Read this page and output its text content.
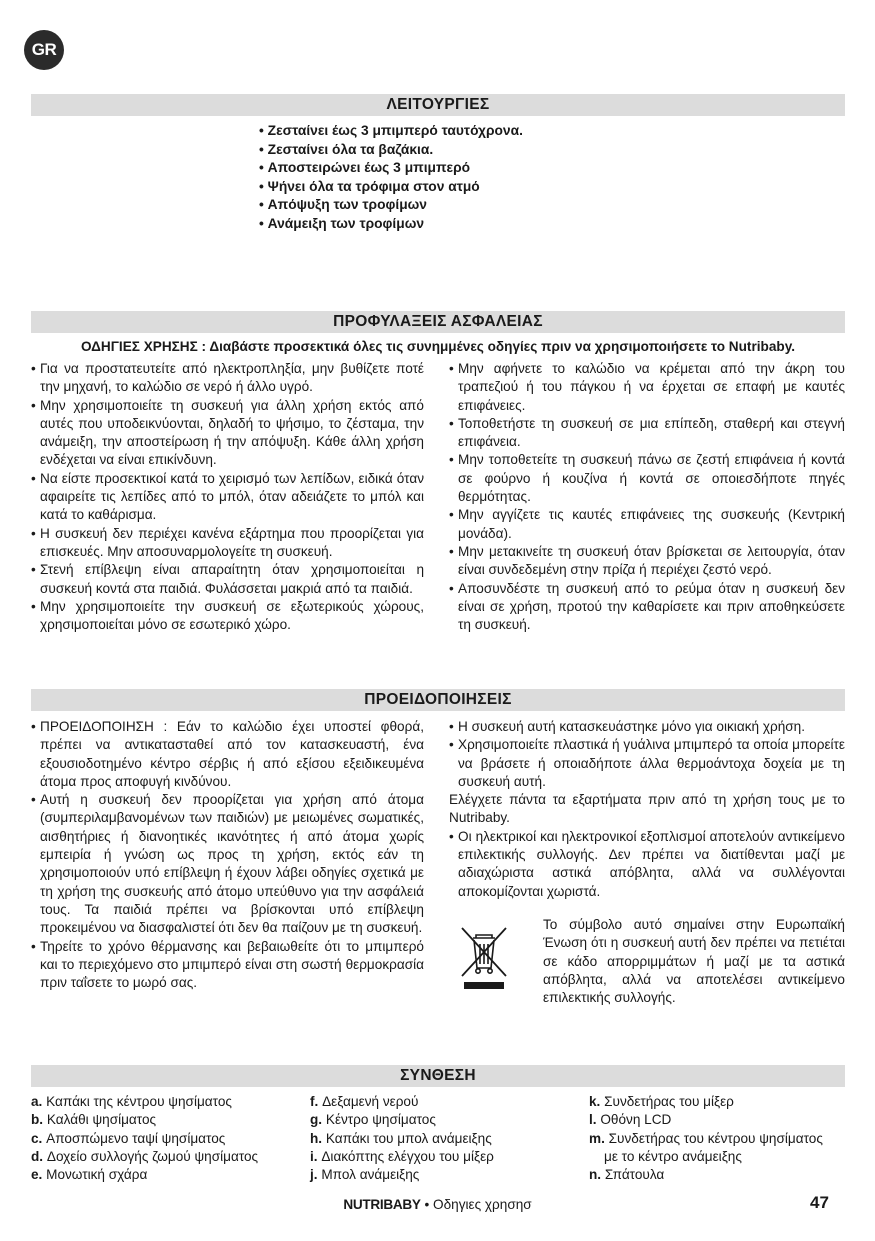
GR
ΛΕΙΤΟΥΡΓΙΕΣ
• Ζεσταίνει έως 3 μπιμπερό ταυτόχρονα.
• Ζεσταίνει όλα τα βαζάκια.
• Αποστειρώνει έως 3 μπιμπερό
• Ψήνει όλα τα τρόφιμα στον ατμό
• Απόψυξη των τροφίμων
• Ανάμειξη των τροφίμων
ΠΡΟΦΥΛΑΞΕΙΣ ΑΣΦΑΛΕΙΑΣ
ΟΔΗΓΙΕΣ ΧΡΗΣΗΣ : Διαβάστε προσεκτικά όλες τις συνημμένες οδηγίες πριν να χρησιμοποιήσετε το Nutribaby.
• Για να προστατευτείτε από ηλεκτροπληξία, μην βυθίζετε ποτέ την μηχανή, το καλώδιο σε νερό ή άλλο υγρό.
• Μην χρησιμοποιείτε τη συσκευή για άλλη χρήση εκτός από αυτές που υποδεικνύονται, δηλαδή το ψήσιμο, το ζέσταμα, την ανάμειξη, την αποστείρωση ή την απόψυξη. Κάθε άλλη χρήση ενδέχεται να είναι επικίνδυνη.
• Να είστε προσεκτικοί κατά το χειρισμό των λεπίδων, ειδικά όταν αφαιρείτε τις λεπίδες από το μπόλ, όταν αδειάζετε το μπόλ και κατά το καθάρισμα.
• Η συσκευή δεν περιέχει κανένα εξάρτημα που προορίζεται για επισκευές. Μην αποσυναρμολογείτε τη συσκευή.
• Στενή επίβλεψη είναι απαραίτητη όταν χρησιμοποιείται η συσκευή κοντά στα παιδιά. Φυλάσσεται μακριά από τα παιδιά.
• Μην χρησιμοποιείτε την συσκευή σε εξωτερικούς χώρους, χρησιμοποιείται μόνο σε εσωτερικό χώρο.
• Μην αφήνετε το καλώδιο να κρέμεται από την άκρη του τραπεζιού ή του πάγκου ή να έρχεται σε επαφή με καυτές επιφάνειες.
• Τοποθετήστε τη συσκευή σε μια επίπεδη, σταθερή και στεγνή επιφάνεια.
• Μην τοποθετείτε τη συσκευή πάνω σε ζεστή επιφάνεια ή κοντά σε φούρνο ή κουζίνα ή κοντά σε οποιεσδήποτε πηγές θερμότητας.
• Μην αγγίζετε τις καυτές επιφάνειες της συσκευής (Κεντρική μονάδα).
• Μην μετακινείτε τη συσκευή όταν βρίσκεται σε λειτουργία, όταν είναι συνδεδεμένη στην πρίζα ή περιέχει ζεστό νερό.
• Αποσυνδέστε τη συσκευή από το ρεύμα όταν η συσκευή δεν είναι σε χρήση, προτού την καθαρίσετε και πριν αποθηκεύσετε τη συσκευή.
ΠΡΟΕΙΔΟΠΟΙΗΣΕΙΣ
• ΠΡΟΕΙΔΟΠΟΙΗΣΗ : Εάν το καλώδιο έχει υποστεί φθορά, πρέπει να αντικατασταθεί από τον κατασκευαστή, ένα εξουσιοδοτημένο κέντρο σέρβις ή από εξίσου εξειδικευμένα άτομα προς αποφυγή κινδύνου.
• Αυτή η συσκευή δεν προορίζεται για χρήση από άτομα (συμπεριλαμβανομένων των παιδιών) με μειωμένες σωματικές, αισθητήριες ή διανοητικές ικανότητες ή από άτομα χωρίς εμπειρία ή γνώση ως προς τη χρήση, εκτός εάν τη χρησιμοποιούν υπό επίβλεψη ή έχουν λάβει οδηγίες σχετικά με τη χρήση της συσκευής από άτομο υπεύθυνο για την ασφάλειά τους. Τα παιδιά πρέπει να βρίσκονται υπό επίβλεψη προκειμένου να διασφαλιστεί ότι δεν θα παίζουν με τη συσκευή.
• Τηρείτε το χρόνο θέρμανσης και βεβαιωθείτε ότι το μπιμπερό και το περιεχόμενο στο μπιμπερό είναι στη σωστή θερμοκρασία πριν ταΐσετε το μωρό σας.
• Η συσκευή αυτή κατασκευάστηκε μόνο για οικιακή χρήση.
• Χρησιμοποιείτε πλαστικά ή γυάλινα μπιμπερό τα οποία μπορείτε να βράσετε ή οποιαδήποτε άλλα θερμοάντοχα δοχεία με τη συσκευή αυτή.
Ελέγχετε πάντα τα εξαρτήματα πριν από τη χρήση τους με το Nutribaby.
• Οι ηλεκτρικοί και ηλεκτρονικοί εξοπλισμοί αποτελούν αντικείμενο επιλεκτικής συλλογής. Δεν πρέπει να διατίθενται μαζί με αδιαχώριστα αστικά απόβλητα, αλλά να συλλέγονται αποκομίζονται χωριστά.
Το σύμβολο αυτό σημαίνει στην Ευρωπαϊκή Ένωση ότι η συσκευή αυτή δεν πρέπει να πετιέται σε κάδο απορριμμάτων ή μαζί με τα αστικά απόβλητα, αλλά να αποτελέσει αντικείμενο επιλεκτικής συλλογής.
ΣΥΝΘΕΣΗ
a. Καπάκι της κέντρου ψησίματος
b. Καλάθι ψησίματος
c. Αποσπώμενο ταψί ψησίματος
d. Δοχείο συλλογής ζωμού ψησίματος
e. Μονωτική σχάρα
f. Δεξαμενή νερού
g. Κέντρο ψησίματος
h. Καπάκι του μπολ ανάμειξης
i. Διακόπτης ελέγχου του μίξερ
j. Μπολ ανάμειξης
k. Συνδετήρας του μίξερ
l. Οθόνη LCD
m. Συνδετήρας του κέντρου ψησίματος
με το κέντρο ανάμειξης
n. Σπάτουλα
NUTRIBABY • Οδηγιες χρησησ	47
